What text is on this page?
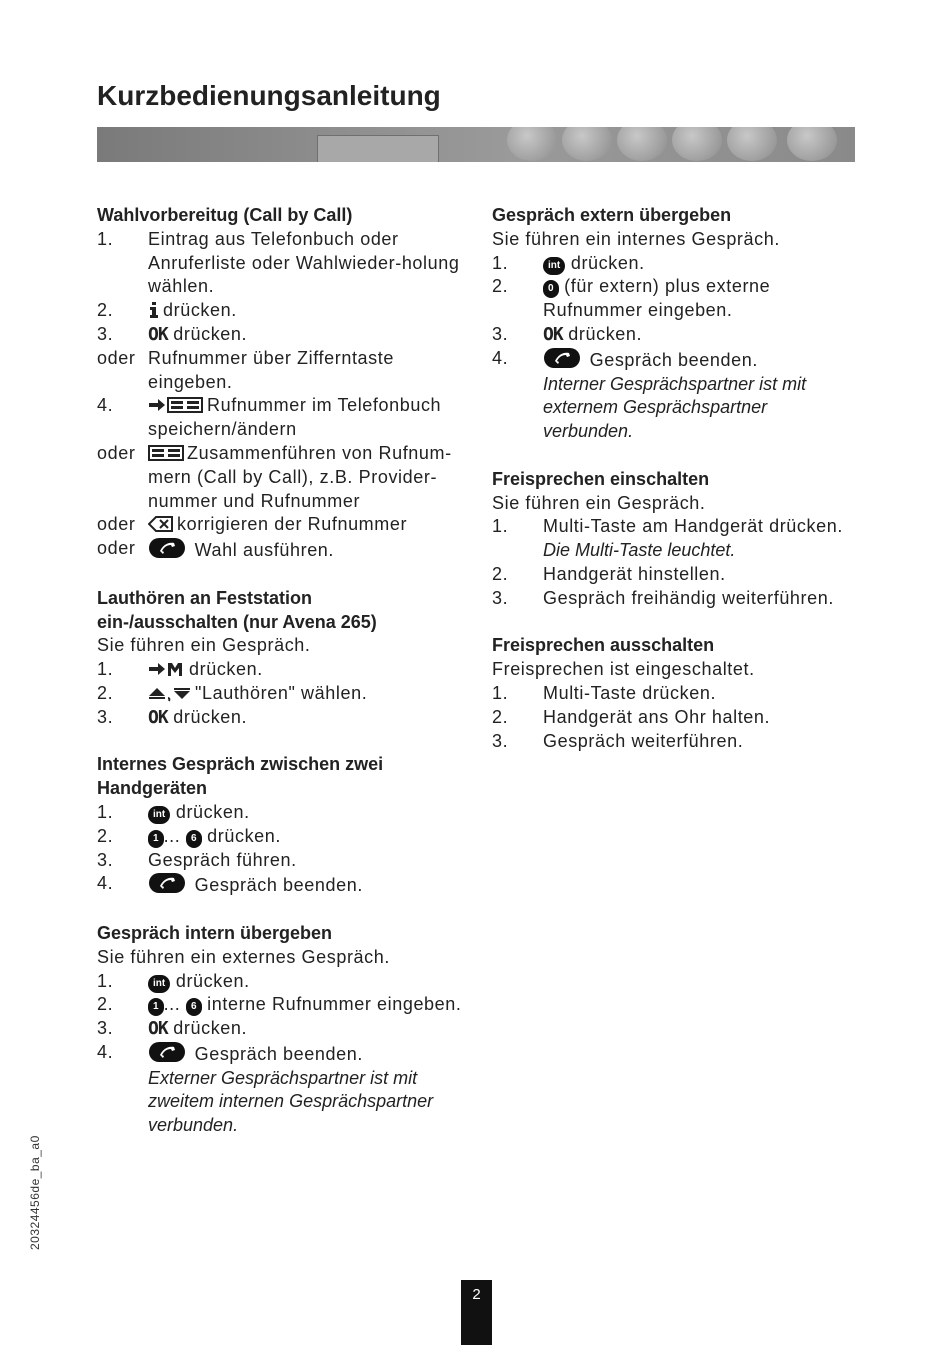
Kurzbedienungsanleitung
Wahlvorbereitug (Call by Call)
1.	Eintrag aus Telefonbuch oder Anruferliste oder Wahlwieder-holung wählen.
2.	drücken.
3.	OK drücken.
oder Rufnummer über Zifferntaste eingeben.
4.	Rufnummer im Telefonbuch speichern/ändern
oder	Zusammenführen von Rufnum-mern (Call by Call), z.B. Provider-nummer und Rufnummer
oder	korrigieren der Rufnummer
oder	Wahl ausführen.
Lauthören an Feststation
ein-/ausschalten (nur Avena 265)
Sie führen ein Gespräch.
1.	drücken.
2.	"Lauthören" wählen.
3.	OK drücken.
Internes Gespräch zwischen zwei
Handgeräten
1.	int drücken.
2.	1 ... 6 drücken.
3.	Gespräch führen.
4.	Gespräch beenden.
Gespräch intern übergeben
Sie führen ein externes Gespräch.
1.	int drücken.
2.	1 ... 6 interne Rufnummer eingeben.
3.	OK drücken.
4.	Gespräch beenden.
Externer Gesprächspartner ist mit zweitem internen Gesprächspartner verbunden.
Gespräch extern übergeben
Sie führen ein internes Gespräch.
1.	int drücken.
2.	0 (für extern) plus externe Rufnummer eingeben.
3.	OK drücken.
4.	Gespräch beenden.
Interner Gesprächspartner ist mit externem Gesprächspartner verbunden.
Freisprechen einschalten
Sie führen ein Gespräch.
1.	Multi-Taste am Handgerät drücken.
Die Multi-Taste leuchtet.
2.	Handgerät hinstellen.
3.	Gespräch freihändig weiterführen.
Freisprechen ausschalten
Freisprechen ist eingeschaltet.
1.	Multi-Taste drücken.
2.	Handgerät ans Ohr halten.
3.	Gespräch weiterführen.
20324456de_ba_a0
2
